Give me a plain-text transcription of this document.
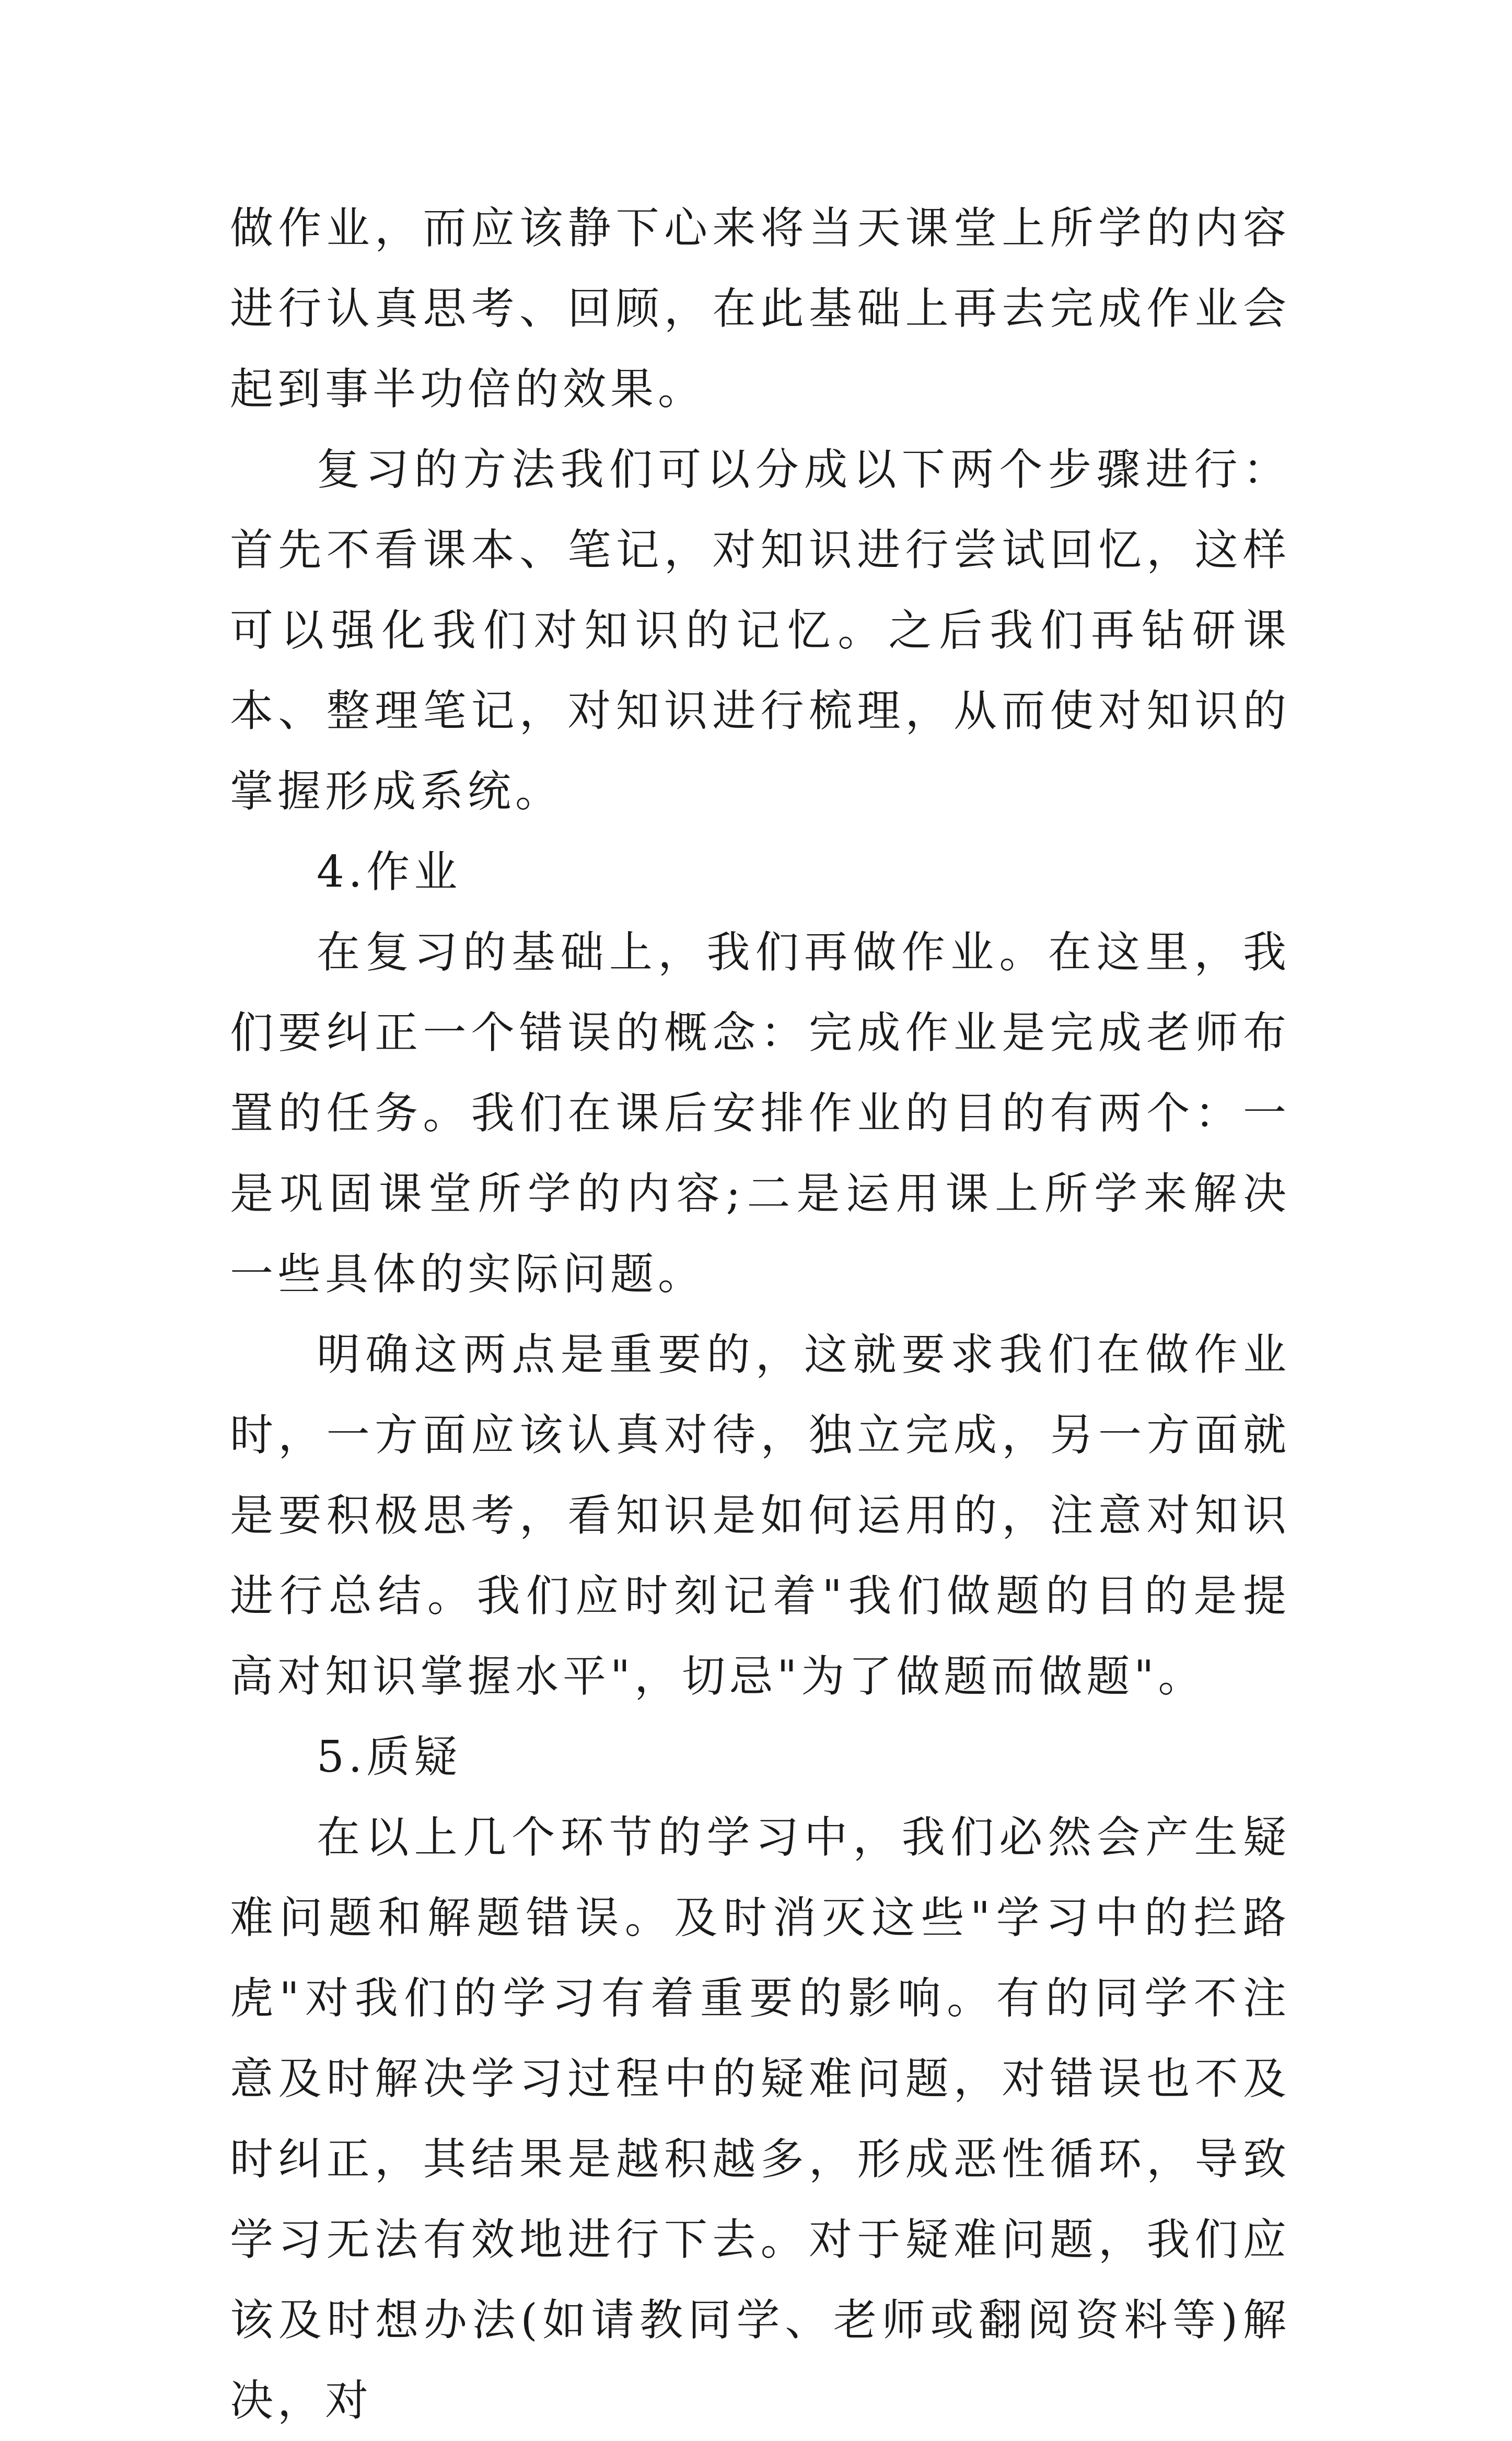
做作业，而应该静下心来将当天课堂上所学的内容进行认真思考、回顾，在此基础上再去完成作业会起到事半功倍的效果。

复习的方法我们可以分成以下两个步骤进行：首先不看课本、笔记，对知识进行尝试回忆，这样可以强化我们对知识的记忆。之后我们再钻研课本、整理笔记，对知识进行梳理，从而使对知识的掌握形成系统。

4.作业

在复习的基础上，我们再做作业。在这里，我们要纠正一个错误的概念：完成作业是完成老师布置的任务。我们在课后安排作业的目的有两个：一是巩固课堂所学的内容;二是运用课上所学来解决一些具体的实际问题。

明确这两点是重要的，这就要求我们在做作业时，一方面应该认真对待，独立完成，另一方面就是要积极思考，看知识是如何运用的，注意对知识进行总结。我们应时刻记着"我们做题的目的是提高对知识掌握水平"，切忌"为了做题而做题"。

5.质疑

在以上几个环节的学习中，我们必然会产生疑难问题和解题错误。及时消灭这些"学习中的拦路虎"对我们的学习有着重要的影响。有的同学不注意及时解决学习过程中的疑难问题，对错误也不及时纠正，其结果是越积越多，形成恶性循环，导致学习无法有效地进行下去。对于疑难问题，我们应该及时想办法(如请教同学、老师或翻阅资料等)解决，对
